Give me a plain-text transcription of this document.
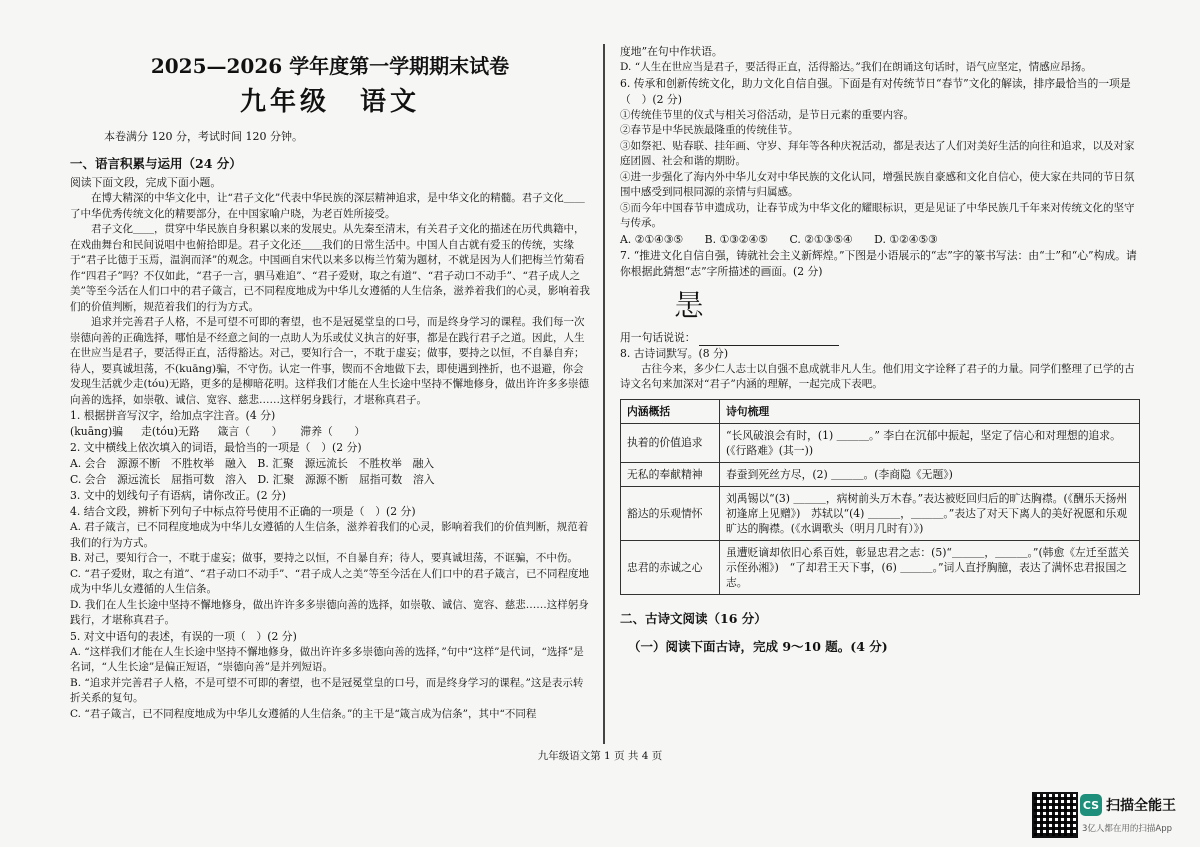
2025—2026 学年度第一学期期末试卷
九年级　语文
本卷满分 120 分，考试时间 120 分钟。
一、语言积累与运用（24 分）

阅读下面文段，完成下面小题。

在博大精深的中华文化中，让“君子文化”代表中华民族的深层精神追求，是中华文化的精髓。君子文化＿＿了中华优秀传统文化的精要部分，在中国家喻户晓，为老百姓所接受。

君子文化＿＿，贯穿中华民族自身积累以来的发展史。从先秦至清末，有关君子文化的描述在历代典籍中，在戏曲舞台和民间说唱中也俯拾即是。君子文化还＿＿我们的日常生活中。中国人自古就有爱玉的传统，实缘于“君子比德于玉焉，温润而泽”的观念。中国画自宋代以来多以梅兰竹菊为题材，不就是因为人们把梅兰竹菊看作“四君子”吗？不仅如此，“君子一言，驷马难追”、“君子爱财，取之有道”、“君子动口不动手”、“君子成人之美”等至今活在人们口中的君子箴言，已不同程度地成为中华儿女遵循的人生信条，滋养着我们的心灵，影响着我们的价值判断，规范着我们的行为方式。

追求并完善君子人格，不是可望不可即的奢望，也不是冠冕堂皇的口号，而是终身学习的课程。我们每一次崇德向善的正确选择，哪怕是不经意之间的一点助人为乐或仗义执言的好事，都是在践行君子之道。因此，人生在世应当是君子，要活得正直，活得豁达。对己，要知行合一，不耽于虚妄；做事，要持之以恒，不自暴自弃；待人，要真诚坦荡，不(kuāng)骗，不守伤。认定一件事，锲而不舍地做下去，即使遇到挫折，也不退避，你会发现生活就少走(tóu)无路，更多的是柳暗花明。这样我们才能在人生长途中坚持不懈地修身，做出许许多多崇德向善的选择，如崇敬、诚信、宽容、慈悲……这样躬身践行，才堪称真君子。

1. 根据拼音写汉字，给加点字注音。(4 分)

(kuāng)骗 走(tóu)无路 箴言（　　） 滞养（　　）

2. 文中横线上依次填入的词语，最恰当的一项是（　）(2 分)

A. 会合　源源不断　不胜枚举　融入　B. 汇聚　源远流长　不胜枚举　融入
C. 会合　源远流长　屈指可数　溶入　D. 汇聚　源源不断　屈指可数　溶入

3. 文中的划线句子有语病，请你改正。(2 分)

4. 结合文段，辨析下列句子中标点符号使用不正确的一项是（　）(2 分)

A. 君子箴言，已不同程度地成为中华儿女遵循的人生信条，滋养着我们的心灵，影响着我们的价值判断，规范着我们的行为方式。

B. 对己，要知行合一，不耽于虚妄；做事，要持之以恒，不自暴自弃；待人，要真诚坦荡，不诓骗，不中伤。

C. “君子爱财，取之有道”、“君子动口不动手”、“君子成人之美”等至今活在人们口中的君子箴言，已不同程度地成为中华儿女遵循的人生信条。

D. 我们在人生长途中坚持不懈地修身，做出许许多多崇德向善的选择，如崇敬、诚信、宽容、慈悲……这样躬身践行，才堪称真君子。

5. 对文中语句的表述，有误的一项（　）(2 分)

A. “这样我们才能在人生长途中坚持不懈地修身，做出许许多多崇德向善的选择，”句中“这样”是代词，“选择”是名词，“人生长途”是偏正短语，“崇德向善”是并列短语。

B. “追求并完善君子人格，不是可望不可即的奢望，也不是冠冕堂皇的口号，而是终身学习的课程。”这是表示转折关系的复句。

C. “君子箴言，已不同程度地成为中华儿女遵循的人生信条。”的主干是“箴言成为信条”，其中“不同程

度地”在句中作状语。

D. “人生在世应当是君子，要活得正直，活得豁达。”我们在朗诵这句话时，语气应坚定，情感应昂扬。

6. 传承和创新传统文化，助力文化自信自强。下面是有对传统节日“春节”文化的解读，排序最恰当的一项是（　）(2 分)

①传统佳节里的仪式与相关习俗活动，是节日元素的重要内容。

②春节是中华民族最隆重的传统佳节。

③如祭祀、贴春联、挂年画、守岁、拜年等各种庆祝活动，都是表达了人们对美好生活的向往和追求，以及对家庭团圆、社会和谐的期盼。

④进一步强化了海内外中华儿女对中华民族的文化认同，增强民族自豪感和文化自信心，使大家在共同的节日氛围中感受到同根同源的亲情与归属感。

⑤而今年中国春节申遗成功，让春节成为中华文化的耀眼标识，更是见证了中华民族几千年来对传统文化的坚守与传承。

A. ②①④③⑤　　B. ①③②④⑤　　C. ②①③⑤④　　D. ①②④⑤③

7. “推进文化自信自强，铸就社会主义新辉煌。”下图是小语展示的“志”字的篆书写法：由“士”和“心”构成。请你根据此猜想“志”字所描述的画面。(2 分)

𢙶

用一句话说说：

8. 古诗词默写。(8 分)

古往今来，多少仁人志士以自强不息成就非凡人生。他们用文字诠释了君子的力量。同学们整理了已学的古诗文名句来加深对“君子”内涵的理解，一起完成下表吧。

内涵概括	诗句梳理
执着的价值追求	“长风破浪会有时，(1) ＿＿＿。” 李白在沉郁中振起，坚定了信心和对理想的追求。(《行路难》(其一))
无私的奉献精神	春蚕到死丝方尽，(2) ＿＿＿。(李商隐《无题》)
豁达的乐观情怀	刘禹锡以“(3) ＿＿＿，病树前头万木春。”表达被贬回归后的旷达胸襟。(《酬乐天扬州初逢席上见赠》)　苏轼以“(4) ＿＿＿，＿＿＿。”表达了对天下离人的美好祝愿和乐观旷达的胸襟。(《水调歌头（明月几时有）》)
忠君的赤诚之心	虽遭贬谪却依旧心系百姓，彰显忠君之志：(5)“＿＿＿，＿＿＿。”(韩愈《左迁至蓝关示侄孙湘》)　“了却君王天下事，(6) ＿＿＿。”词人直抒胸臆，表达了满怀忠君报国之志。
二、古诗文阅读（16 分）
（一）阅读下面古诗，完成 9～10 题。(4 分)
九年级语文第 1 页 共 4 页
CS 扫描全能王
3亿人都在用的扫描App
